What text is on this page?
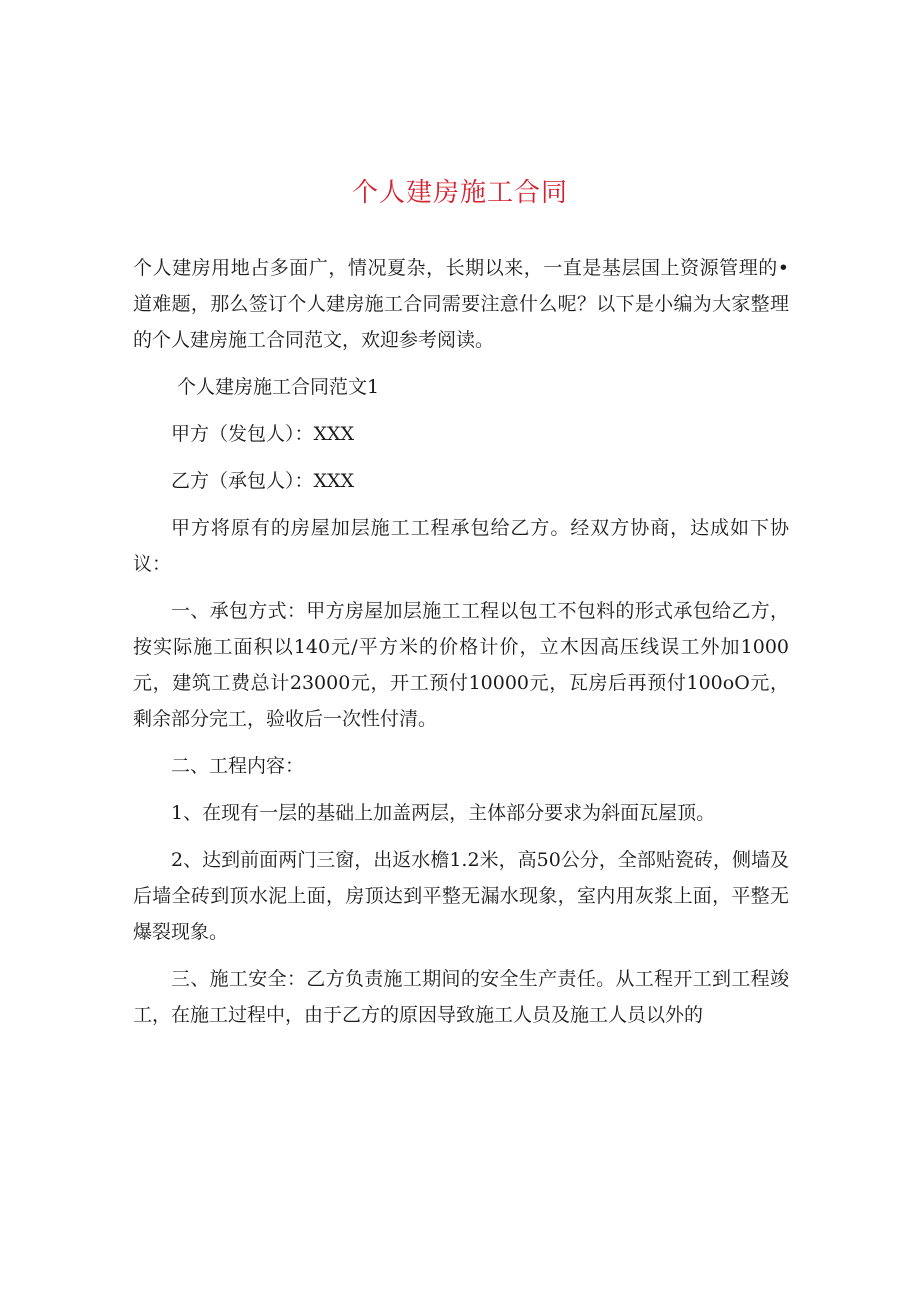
个人建房施工合同

个人建房用地占多面广，情况夏杂，长期以来，一直是基层国上资源管理的•道难题，那么签订个人建房施工合同需要注意什么呢？以下是小编为大家整理的个人建房施工合同范文，欢迎参考阅读。

个人建房施工合同范文1

甲方（发包人）：XXX

乙方（承包人）：XXX

甲方将原有的房屋加层施工工程承包给乙方。经双方协商，达成如下协议：

一、承包方式：甲方房屋加层施工工程以包工不包料的形式承包给乙方，按实际施工面积以140元/平方米的价格计价，立木因高压线误工外加1000元，建筑工费总计23000元，开工预付10000元，瓦房后再预付100oO元，剩余部分完工，验收后一次性付清。

二、工程内容：

1、在现有一层的基础上加盖两层，主体部分要求为斜面瓦屋顶。

2、达到前面两门三窗，出返水檐1.2米，高50公分，全部贴瓷砖，侧墙及后墙全砖到顶水泥上面，房顶达到平整无漏水现象，室内用灰浆上面，平整无爆裂现象。

三、施工安全：乙方负责施工期间的安全生产责任。从工程开工到工程竣工，在施工过程中，由于乙方的原因导致施工人员及施工人员以外的
